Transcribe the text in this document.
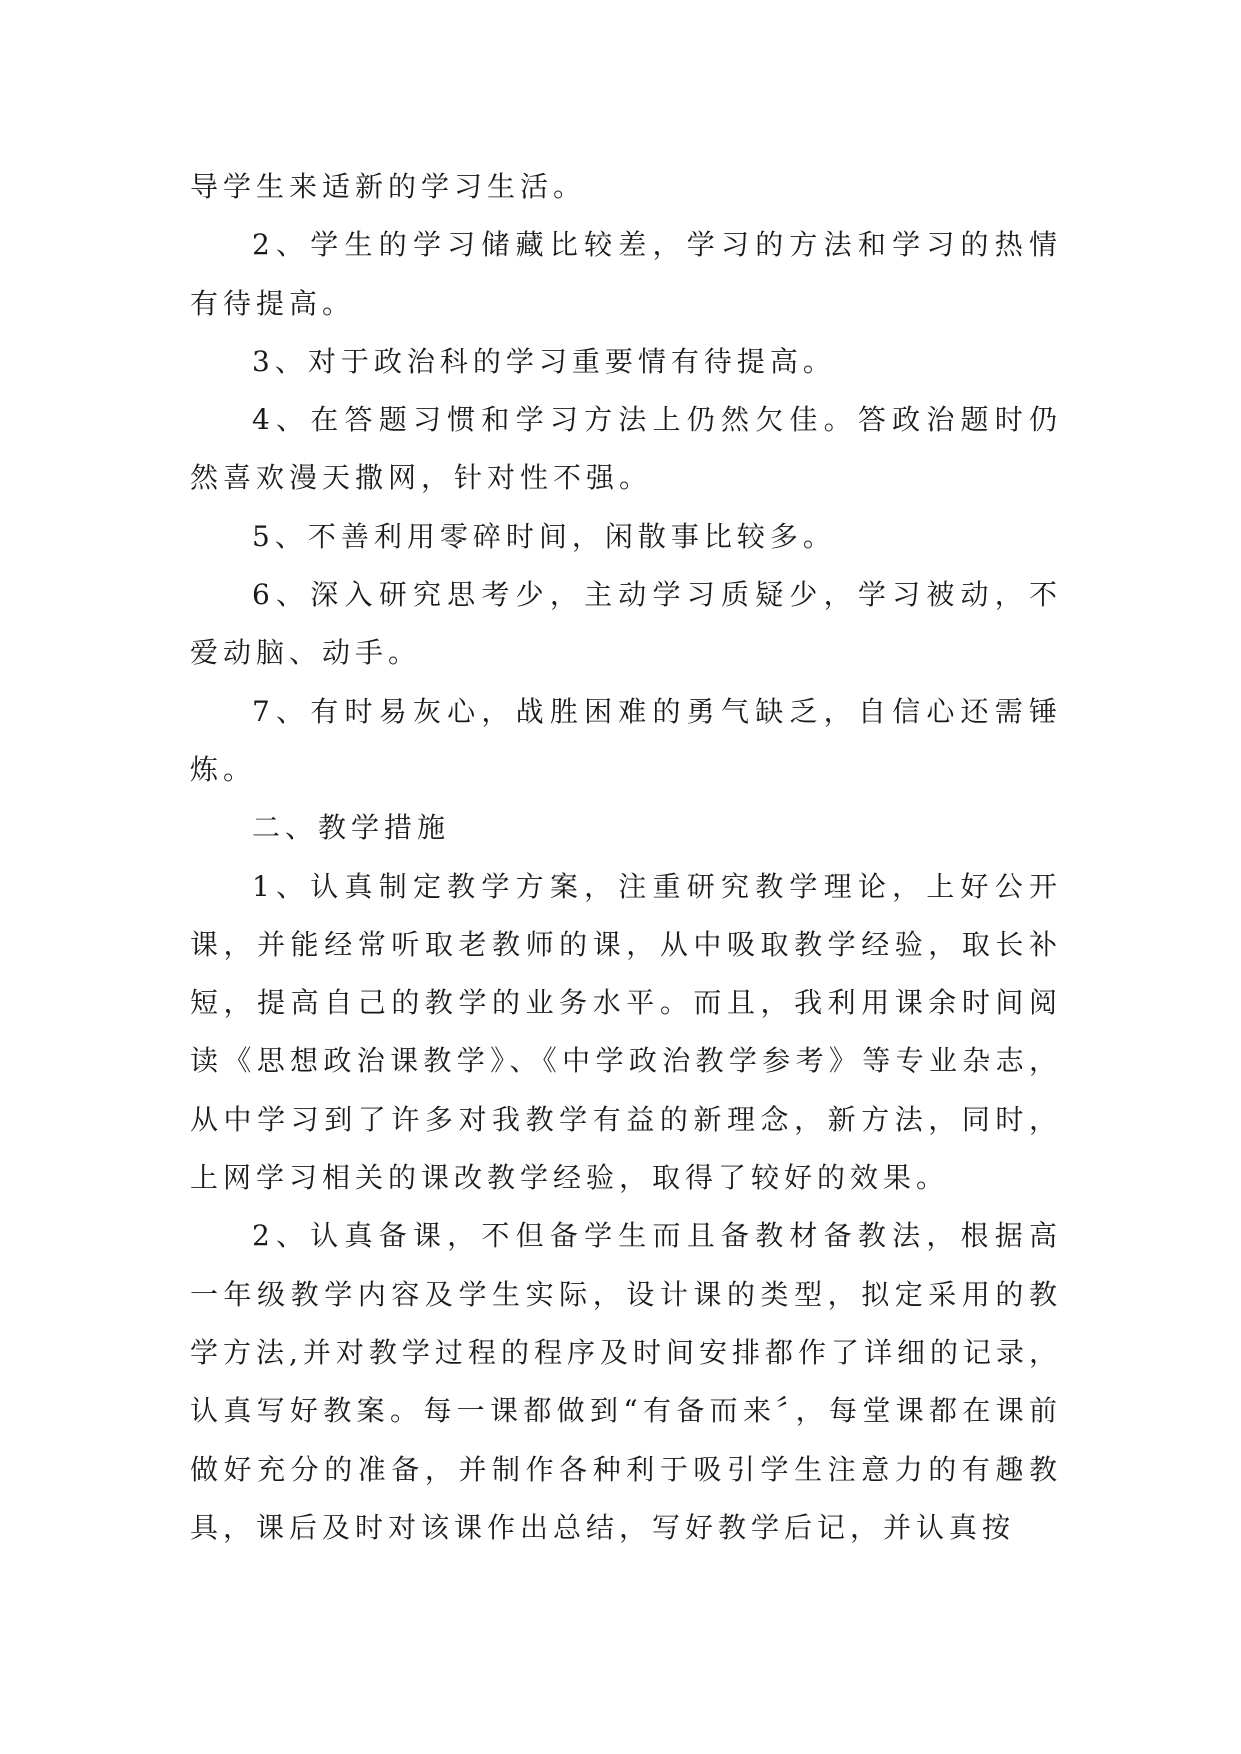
导学生来适新的学习生活。

2、学生的学习储藏比较差，学习的方法和学习的热情有待提高。

3、对于政治科的学习重要情有待提高。

4、在答题习惯和学习方法上仍然欠佳。答政治题时仍然喜欢漫天撒网，针对性不强。

5、不善利用零碎时间，闲散事比较多。

6、深入研究思考少，主动学习质疑少，学习被动，不爱动脑、动手。

7、有时易灰心，战胜困难的勇气缺乏，自信心还需锤炼。

二、教学措施

1、认真制定教学方案，注重研究教学理论，上好公开课，并能经常听取老教师的课，从中吸取教学经验，取长补短，提高自己的教学的业务水平。而且，我利用课余时间阅读《思想政治课教学》、《中学政治教学参考》等专业杂志，从中学习到了许多对我教学有益的新理念，新方法，同时，上网学习相关的课改教学经验，取得了较好的效果。

2、认真备课，不但备学生而且备教材备教法，根据高一年级教学内容及学生实际，设计课的类型，拟定采用的教学方法,并对教学过程的程序及时间安排都作了详细的记录，认真写好教案。每一课都做到“有备而来〞，每堂课都在课前做好充分的准备，并制作各种利于吸引学生注意力的有趣教具，课后及时对该课作出总结，写好教学后记，并认真按
